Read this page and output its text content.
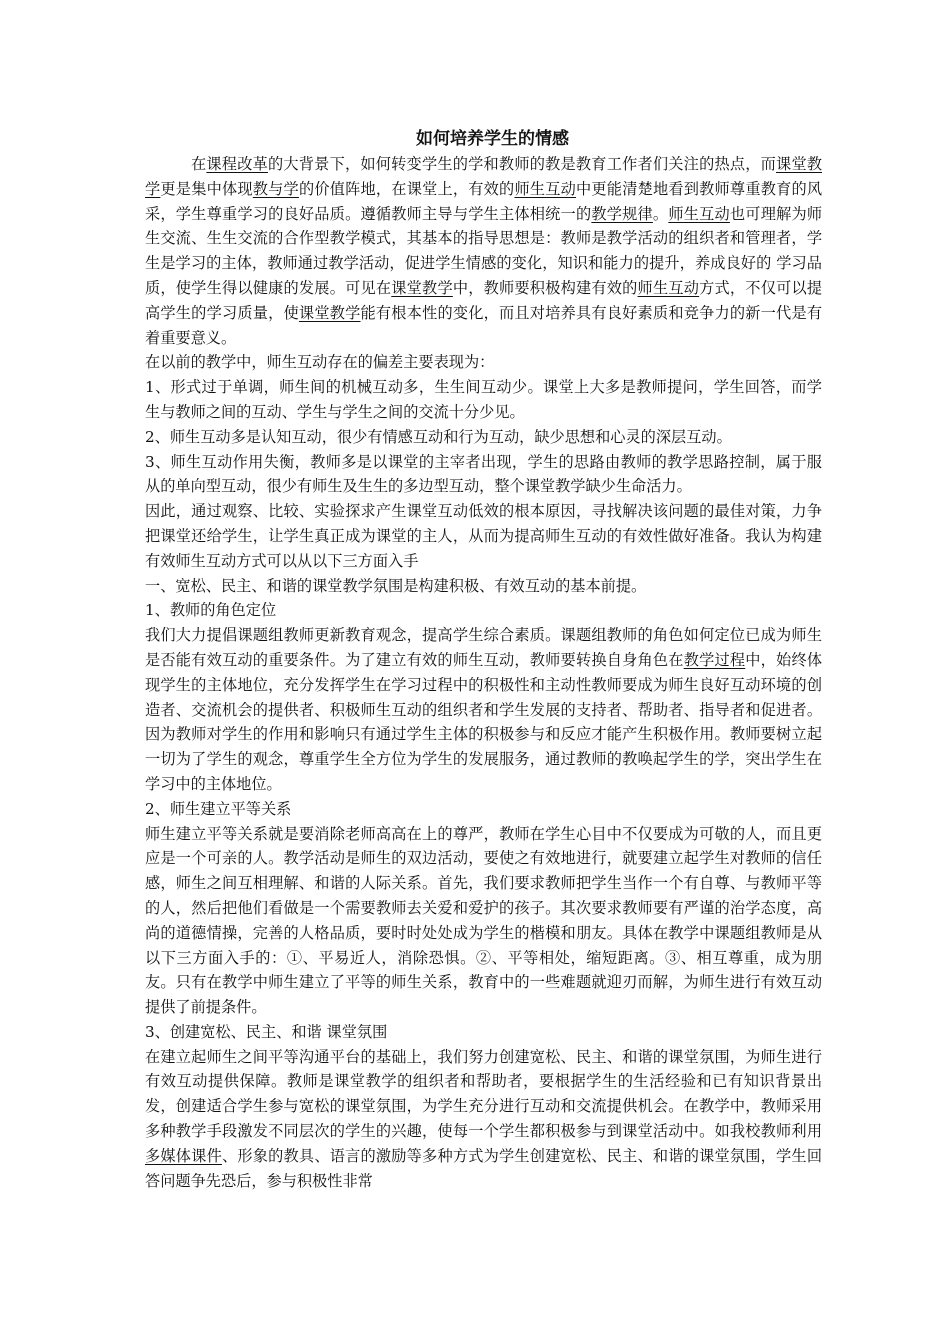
如何培养学生的情感

在课程改革的大背景下，如何转变学生的学和教师的教是教育工作者们关注的热点，而课堂教学更是集中体现教与学的价值阵地，在课堂上，有效的师生互动中更能清楚地看到教师尊重教育的风采，学生尊重学习的良好品质。遵循教师主导与学生主体相统一的教学规律。师生互动也可理解为师生交流、生生交流的合作型教学模式，其基本的指导思想是：教师是教学活动的组织者和管理者，学生是学习的主体，教师通过教学活动，促进学生情感的变化，知识和能力的提升，养成良好的 学习品质，使学生得以健康的发展。可见在课堂教学中，教师要积极构建有效的师生互动方式，不仅可以提高学生的学习质量，使课堂教学能有根本性的变化，而且对培养具有良好素质和竞争力的新一代是有着重要意义。

在以前的教学中，师生互动存在的偏差主要表现为：

1、形式过于单调，师生间的机械互动多，生生间互动少。课堂上大多是教师提问，学生回答，而学生与教师之间的互动、学生与学生之间的交流十分少见。

2、师生互动多是认知互动，很少有情感互动和行为互动，缺少思想和心灵的深层互动。

3、师生互动作用失衡，教师多是以课堂的主宰者出现，学生的思路由教师的教学思路控制，属于服从的单向型互动，很少有师生及生生的多边型互动，整个课堂教学缺少生命活力。

因此，通过观察、比较、实验探求产生课堂互动低效的根本原因，寻找解决该问题的最佳对策，力争把课堂还给学生，让学生真正成为课堂的主人，从而为提高师生互动的有效性做好准备。我认为构建有效师生互动方式可以从以下三方面入手

一、宽松、民主、和谐的课堂教学氛围是构建积极、有效互动的基本前提。

1、教师的角色定位

我们大力提倡课题组教师更新教育观念，提高学生综合素质。课题组教师的角色如何定位已成为师生是否能有效互动的重要条件。为了建立有效的师生互动，教师要转换自身角色在教学过程中，始终体现学生的主体地位，充分发挥学生在学习过程中的积极性和主动性教师要成为师生良好互动环境的创造者、交流机会的提供者、积极师生互动的组织者和学生发展的支持者、帮助者、指导者和促进者。因为教师对学生的作用和影响只有通过学生主体的积极参与和反应才能产生积极作用。教师要树立起一切为了学生的观念，尊重学生全方位为学生的发展服务，通过教师的教唤起学生的学，突出学生在学习中的主体地位。

2、师生建立平等关系

师生建立平等关系就是要消除老师高高在上的尊严，教师在学生心目中不仅要成为可敬的人，而且更应是一个可亲的人。教学活动是师生的双边活动，要使之有效地进行，就要建立起学生对教师的信任感，师生之间互相理解、和谐的人际关系。首先，我们要求教师把学生当作一个有自尊、与教师平等的人，然后把他们看做是一个需要教师去关爱和爱护的孩子。其次要求教师要有严谨的治学态度，高尚的道德情操，完善的人格品质，要时时处处成为学生的楷模和朋友。具体在教学中课题组教师是从以下三方面入手的：①、平易近人，消除恐惧。②、平等相处，缩短距离。③、相互尊重，成为朋友。只有在教学中师生建立了平等的师生关系，教育中的一些难题就迎刃而解，为师生进行有效互动提供了前提条件。

3、创建宽松、民主、和谐 课堂氛围

在建立起师生之间平等沟通平台的基础上，我们努力创建宽松、民主、和谐的课堂氛围，为师生进行有效互动提供保障。教师是课堂教学的组织者和帮助者，要根据学生的生活经验和已有知识背景出发，创建适合学生参与宽松的课堂氛围，为学生充分进行互动和交流提供机会。在教学中，教师采用多种教学手段激发不同层次的学生的兴趣，使每一个学生都积极参与到课堂活动中。如我校教师利用多媒体课件、形象的教具、语言的激励等多种方式为学生创建宽松、民主、和谐的课堂氛围，学生回答问题争先恐后，参与积极性非常
